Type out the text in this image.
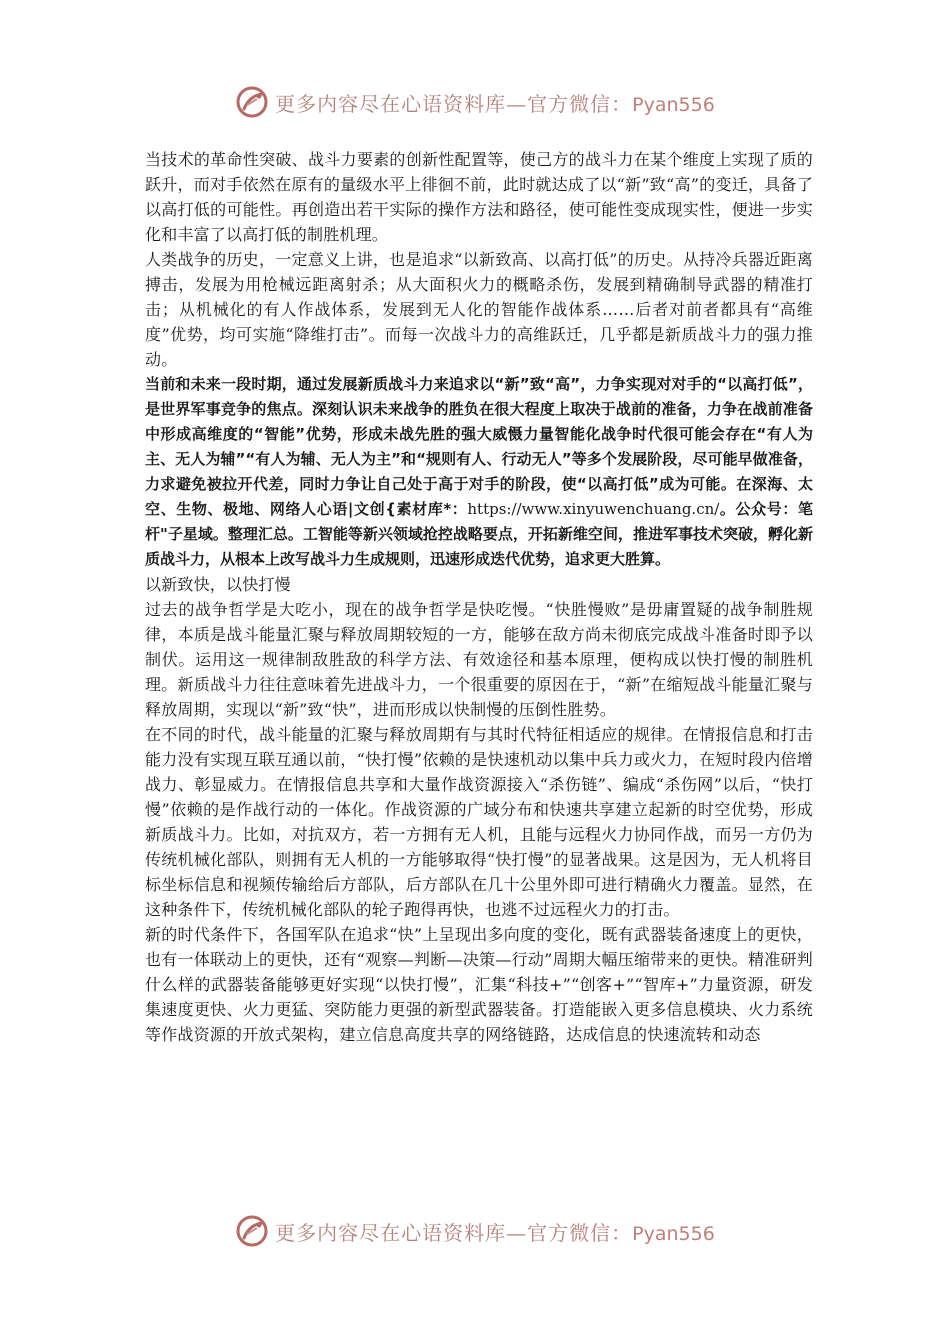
更多内容尽在心语资料库—官方微信：Pyan556

当技术的革命性突破、战斗力要素的创新性配置等，使己方的战斗力在某个维度上实现了质的跃升，而对手依然在原有的量级水平上徘徊不前，此时就达成了以“新”致“高”的变迁，具备了以高打低的可能性。再创造出若干实际的操作方法和路径，使可能性变成现实性，便进一步实化和丰富了以高打低的制胜机理。

人类战争的历史，一定意义上讲，也是追求“以新致高、以高打低”的历史。从持冷兵器近距离搏击，发展为用枪械远距离射杀；从大面积火力的概略杀伤，发展到精确制导武器的精准打击；从机械化的有人作战体系，发展到无人化的智能作战体系……后者对前者都具有“高维度”优势，均可实施“降维打击”。而每一次战斗力的高维跃迁，几乎都是新质战斗力的强力推动。

当前和未来一段时期，通过发展新质战斗力来追求以“新”致“高”，力争实现对对手的“以高打低”，是世界军事竞争的焦点。深刻认识未来战争的胜负在很大程度上取决于战前的准备，力争在战前准备中形成高维度的“智能”优势，形成未战先胜的强大威慑力量智能化战争时代很可能会存在“有人为主、无人为辅”“有人为辅、无人为主”和“规则有人、行动无人”等多个发展阶段，尽可能早做准备，力求避免被拉开代差，同时力争让自己处于高于对手的阶段，使“以高打低”成为可能。在深海、太空、生物、极地、网络人心语|文创{素材库*：https://www.xinyuwenchuang.cn/。公众号：笔杆"子星域。整理汇总。工智能等新兴领域抢控战略要点，开拓新维空间，推进军事技术突破，孵化新质战斗力，从根本上改写战斗力生成规则，迅速形成迭代优势，追求更大胜算。

以新致快，以快打慢

过去的战争哲学是大吃小，现在的战争哲学是快吃慢。“快胜慢败”是毋庸置疑的战争制胜规律，本质是战斗能量汇聚与释放周期较短的一方，能够在敌方尚未彻底完成战斗准备时即予以制伏。运用这一规律制敌胜敌的科学方法、有效途径和基本原理，便构成以快打慢的制胜机理。新质战斗力往往意味着先进战斗力，一个很重要的原因在于，“新”在缩短战斗能量汇聚与释放周期，实现以“新”致“快”，进而形成以快制慢的压倒性胜势。

在不同的时代，战斗能量的汇聚与释放周期有与其时代特征相适应的规律。在情报信息和打击能力没有实现互联互通以前，“快打慢”依赖的是快速机动以集中兵力或火力，在短时段内倍增战力、彰显威力。在情报信息共享和大量作战资源接入“杀伤链”、编成“杀伤网”以后，“快打慢”依赖的是作战行动的一体化。作战资源的广域分布和快速共享建立起新的时空优势，形成新质战斗力。比如，对抗双方，若一方拥有无人机，且能与远程火力协同作战，而另一方仍为传统机械化部队，则拥有无人机的一方能够取得“快打慢”的显著战果。这是因为，无人机将目标坐标信息和视频传输给后方部队，后方部队在几十公里外即可进行精确火力覆盖。显然，在这种条件下，传统机械化部队的轮子跑得再快，也逃不过远程火力的打击。

新的时代条件下，各国军队在追求“快”上呈现出多向度的变化，既有武器装备速度上的更快，也有一体联动上的更快，还有“观察—判断—决策—行动”周期大幅压缩带来的更快。精准研判什么样的武器装备能够更好实现“以快打慢”，汇集“科技+”“创客+”“智库+”力量资源，研发集速度更快、火力更猛、突防能力更强的新型武器装备。打造能嵌入更多信息模块、火力系统等作战资源的开放式架构，建立信息高度共享的网络链路，达成信息的快速流转和动态

更多内容尽在心语资料库—官方微信：Pyan556
